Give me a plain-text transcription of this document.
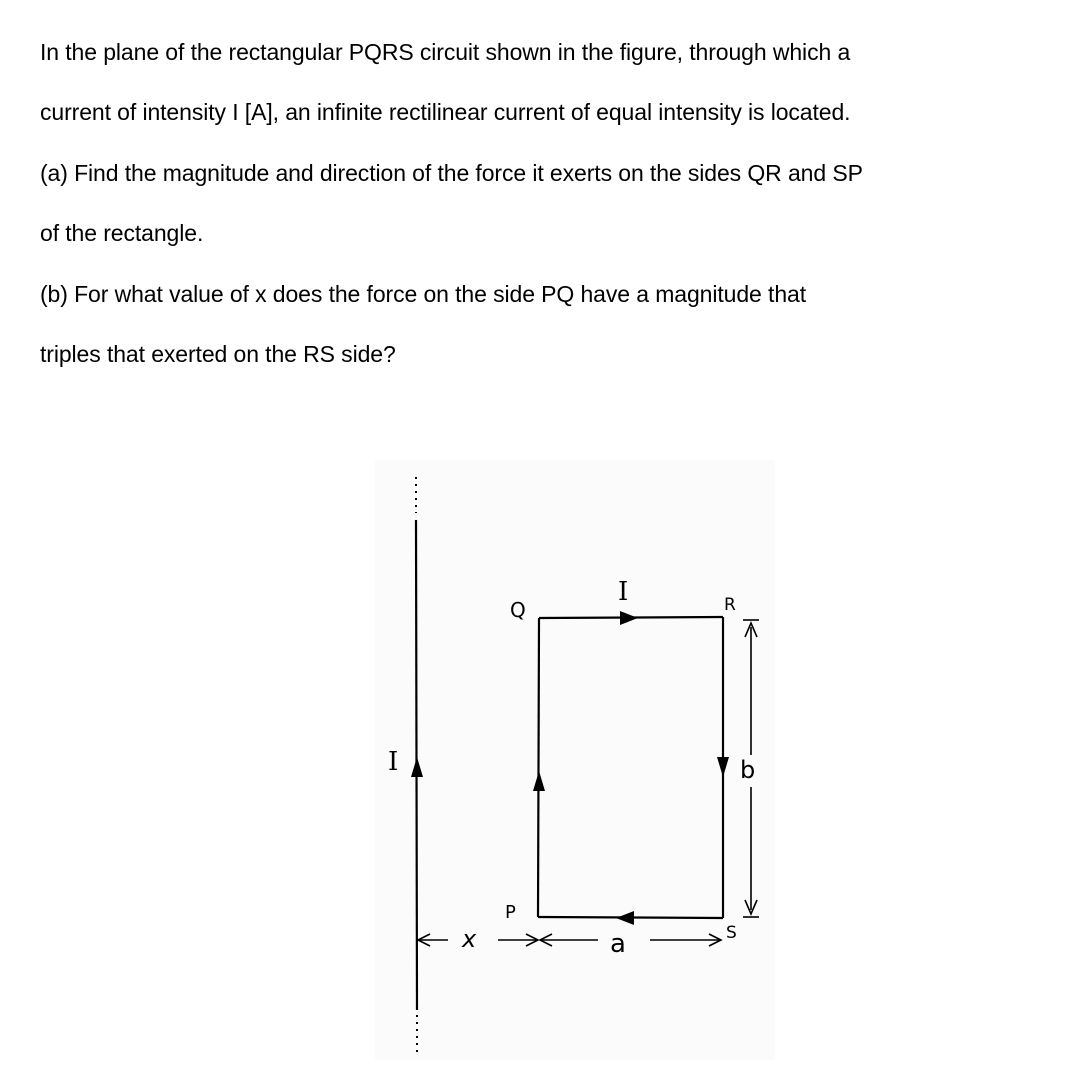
In the plane of the rectangular PQRS circuit shown in the figure, through which a
current of intensity I [A], an infinite rectilinear current of equal intensity is located.
(a) Find the magnitude and direction of the force it exerts on the sides QR and SP
of the rectangle.
(b) For what value of x does the force on the side PQ have a magnitude that
triples that exerted on the RS side?
I
I
Q	R
P
S
b
x	a
